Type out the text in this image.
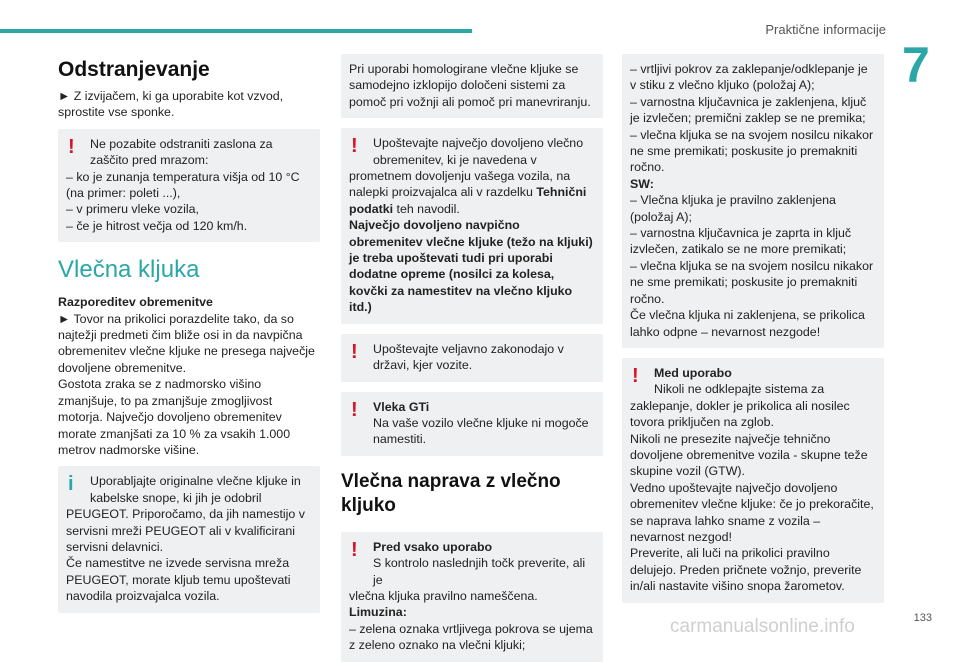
Praktične informacije
7
Odstranjevanje

► Z izvijačem, ki ga uporabite kot vzvod, sprostite vse sponke.

!	Ne pozabite odstraniti zaslona za zaščito pred mrazom:

– ko je zunanja temperatura višja od 10 °C (na primer: poleti ...),

– v primeru vleke vozila,

– če je hitrost večja od 120 km/h.

Vlečna kljuka

Razporeditev obremenitve

► Tovor na prikolici porazdelite tako, da so najtežji predmeti čim bliže osi in da navpična obremenitev vlečne kljuke ne presega največje dovoljene obremenitve.

Gostota zraka se z nadmorsko višino zmanjšuje, to pa zmanjšuje zmogljivost motorja. Največjo dovoljeno obremenitev morate zmanjšati za 10 % za vsakih 1.000 metrov nadmorske višine.

i	Uporabljajte originalne vlečne kljuke in kabelske snope, ki jih je odobril

PEUGEOT. Priporočamo, da jih namestijo v servisni mreži PEUGEOT ali v kvalificirani servisni delavnici.

Če namestitve ne izvede servisna mreža PEUGEOT, morate kljub temu upoštevati navodila proizvajalca vozila.

Pri uporabi homologirane vlečne kljuke se samodejno izklopijo določeni sistemi za pomoč pri vožnji ali pomoč pri manevriranju.

!	Upoštevajte največjo dovoljeno vlečno obremenitev, ki je navedena v

prometnem dovoljenju vašega vozila, na nalepki proizvajalca ali v razdelku Tehnični podatki teh navodil.

Največjo dovoljeno navpično obremenitev vlečne kljuke (težo na kljuki) je treba upoštevati tudi pri uporabi dodatne opreme (nosilci za kolesa, kovčki za namestitev na vlečno kljuko itd.)

!	Upoštevajte veljavno zakonodajo v državi, kjer vozite.

!	Vleka GTi

Na vaše vozilo vlečne kljuke ni mogoče namestiti.

Vlečna naprava z vlečno kljuko
!	Pred vsako uporabo

S kontrolo naslednjih točk preverite, ali je

vlečna kljuka pravilno nameščena.

Limuzina:

– zelena oznaka vrtljivega pokrova se ujema z zeleno oznako na vlečni kljuki;

– vrtljivi pokrov za zaklepanje/odklepanje je v stiku z vlečno kljuko (položaj A);

– varnostna ključavnica je zaklenjena, ključ je izvlečen; premični zaklep se ne premika;

– vlečna kljuka se na svojem nosilcu nikakor ne sme premikati; poskusite jo premakniti ročno.

SW:

– Vlečna kljuka je pravilno zaklenjena (položaj A);

– varnostna ključavnica je zaprta in ključ izvlečen, zatikalo se ne more premikati;

– vlečna kljuka se na svojem nosilcu nikakor ne sme premikati; poskusite jo premakniti ročno.

Če vlečna kljuka ni zaklenjena, se prikolica lahko odpne – nevarnost nezgode!

!	Med uporabo

Nikoli ne odklepajte sistema za

zaklepanje, dokler je prikolica ali nosilec tovora priključen na zglob.

Nikoli ne presezite največje tehnično dovoljene obremenitve vozila - skupne teže skupine vozil (GTW).

Vedno upoštevajte največjo dovoljeno obremenitev vlečne kljuke: če jo prekoračite, se naprava lahko sname z vozila – nevarnost nezgod!

Preverite, ali luči na prikolici pravilno delujejo. Preden pričnete vožnjo, preverite in/ali nastavite višino snopa žarometov.

carmanualsonline.info	133
